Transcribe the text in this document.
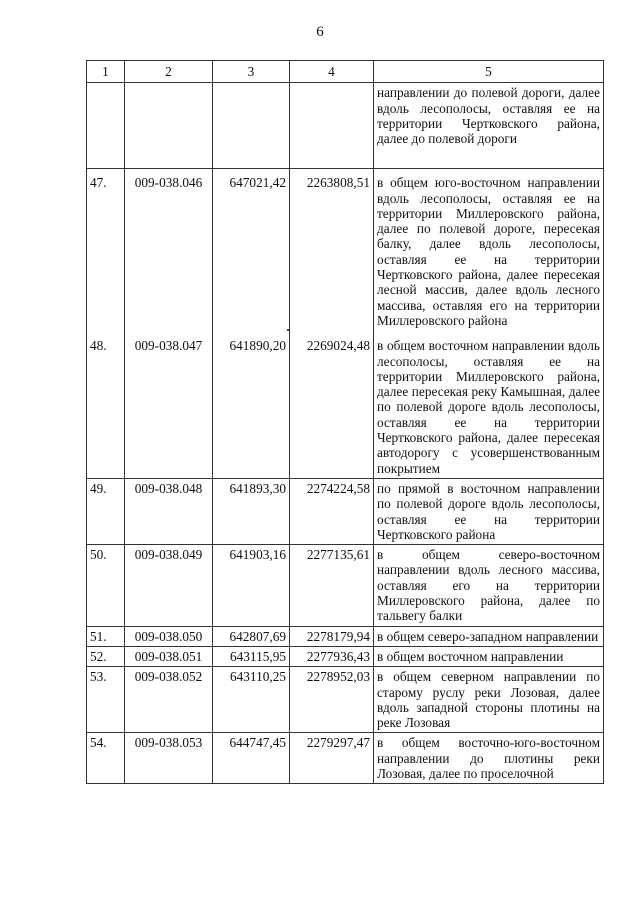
6
1	2	3	4	5
				направлении до полевой дороги, далее вдоль лесополосы, оставляя ее на территории Чертковского района, далее до полевой дороги
47.	009-038.046	647021,42	2263808,51	в общем юго-восточном направлении вдоль лесополосы, оставляя ее на территории Миллеровского района, далее по полевой дороге, пересекая балку, далее вдоль лесополосы, оставляя ее на территории Чертковского района, далее пересекая лесной массив, далее вдоль лесного массива, оставляя его на территории Миллеровского района
48.	009-038.047	641890,20	2269024,48	в общем восточном направлении вдоль лесополосы, оставляя ее на территории Миллеровского района, далее пересекая реку Камышная, далее по полевой дороге вдоль лесополосы, оставляя ее на территории Чертковского района, далее пересекая автодорогу с усовершенствованным покрытием
49.	009-038.048	641893,30	2274224,58	по прямой в восточном направлении по полевой дороге вдоль лесополосы, оставляя ее на территории Чертковского района
50.	009-038.049	641903,16	2277135,61	в общем северо-восточном направлении вдоль лесного массива, оставляя его на территории Миллеровского района, далее по тальвегу балки
51.	009-038.050	642807,69	2278179,94	в общем северо-западном направлении
52.	009-038.051	643115,95	2277936,43	в общем восточном направлении
53.	009-038.052	643110,25	2278952,03	в общем северном направлении по старому руслу реки Лозовая, далее вдоль западной стороны плотины на реке Лозовая
54.	009-038.053	644747,45	2279297,47	в общем восточно-юго-восточном направлении до плотины реки Лозовая, далее по проселочной
